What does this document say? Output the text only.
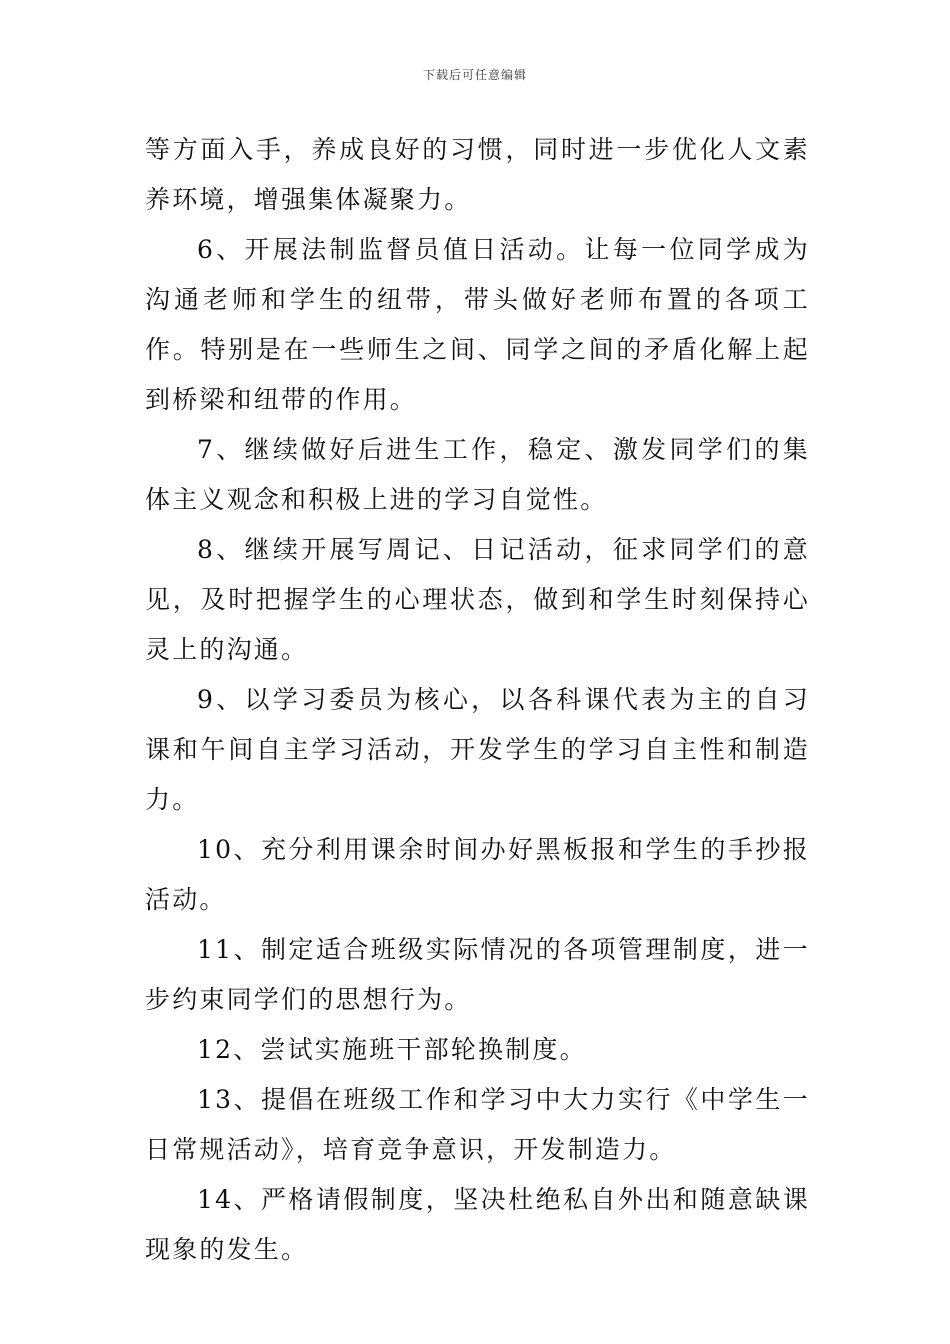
下载后可任意编辑

等方面入手，养成良好的习惯，同时进一步优化人文素养环境，增强集体凝聚力。

6、开展法制监督员值日活动。让每一位同学成为沟通老师和学生的纽带，带头做好老师布置的各项工作。特别是在一些师生之间、同学之间的矛盾化解上起到桥梁和纽带的作用。

7、继续做好后进生工作，稳定、激发同学们的集体主义观念和积极上进的学习自觉性。

8、继续开展写周记、日记活动，征求同学们的意见，及时把握学生的心理状态，做到和学生时刻保持心灵上的沟通。

9、以学习委员为核心，以各科课代表为主的自习课和午间自主学习活动，开发学生的学习自主性和制造力。

10、充分利用课余时间办好黑板报和学生的手抄报活动。

11、制定适合班级实际情况的各项管理制度，进一步约束同学们的思想行为。

12、尝试实施班干部轮换制度。

13、提倡在班级工作和学习中大力实行《中学生一日常规活动》，培育竞争意识，开发制造力。

14、严格请假制度，坚决杜绝私自外出和随意缺课现象的发生。
